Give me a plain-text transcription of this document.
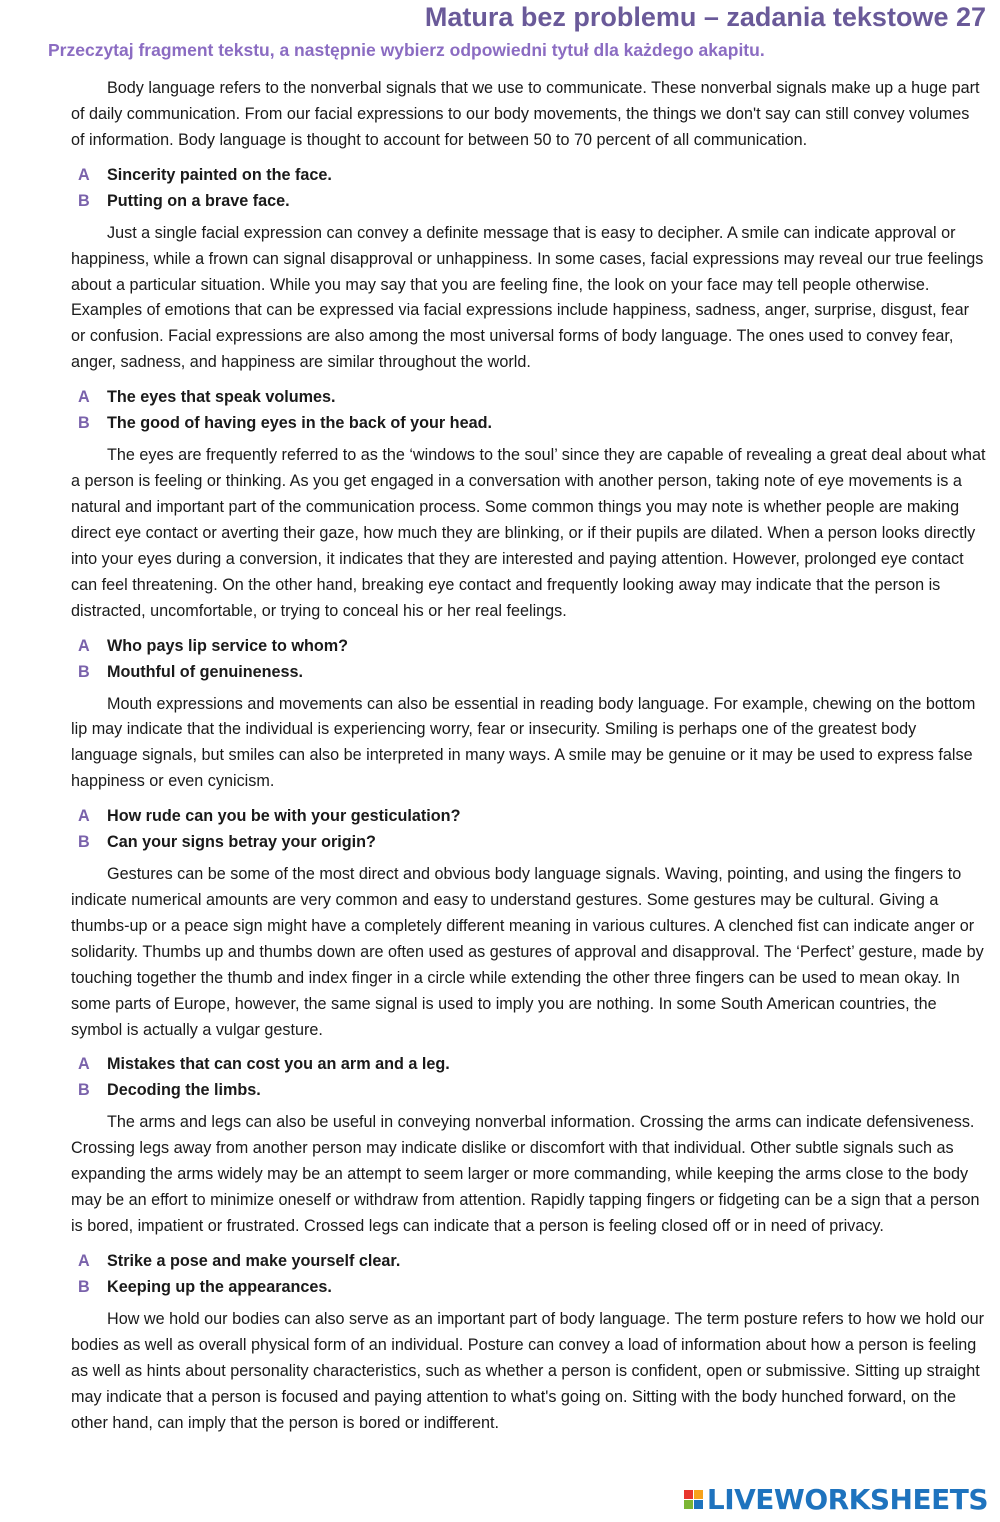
Matura bez problemu – zadania tekstowe 27
Przeczytaj fragment tekstu, a następnie wybierz odpowiedni tytuł dla każdego akapitu.

Body language refers to the nonverbal signals that we use to communicate. These nonverbal signals make up a huge part of daily communication. From our facial expressions to our body movements, the things we don't say can still convey volumes of information. Body language is thought to account for between 50 to 70 percent of all communication.

A	Sincerity painted on the face.
B	Putting on a brave face.

Just a single facial expression can convey a definite message that is easy to decipher. A smile can indicate approval or happiness, while a frown can signal disapproval or unhappiness. In some cases, facial expressions may reveal our true feelings about a particular situation. While you may say that you are feeling fine, the look on your face may tell people otherwise. Examples of emotions that can be expressed via facial expressions include happiness, sadness, anger, surprise, disgust, fear or confusion. Facial expressions are also among the most universal forms of body language. The ones used to convey fear, anger, sadness, and happiness are similar throughout the world.

A	The eyes that speak volumes.
B	The good of having eyes in the back of your head.

The eyes are frequently referred to as the ‘windows to the soul’ since they are capable of revealing a great deal about what a person is feeling or thinking. As you get engaged in a conversation with another person, taking note of eye movements is a natural and important part of the communication process. Some common things you may note is whether people are making direct eye contact or averting their gaze, how much they are blinking, or if their pupils are dilated. When a person looks directly into your eyes during a conversion, it indicates that they are interested and paying attention. However, prolonged eye contact can feel threatening. On the other hand, breaking eye contact and frequently looking away may indicate that the person is distracted, uncomfortable, or trying to conceal his or her real feelings.

A	Who pays lip service to whom?
B	Mouthful of genuineness.

Mouth expressions and movements can also be essential in reading body language. For example, chewing on the bottom lip may indicate that the individual is experiencing worry, fear or insecurity. Smiling is perhaps one of the greatest body language signals, but smiles can also be interpreted in many ways. A smile may be genuine or it may be used to express false happiness or even cynicism.

A	How rude can you be with your gesticulation?
B	Can your signs betray your origin?

Gestures can be some of the most direct and obvious body language signals. Waving, pointing, and using the fingers to indicate numerical amounts are very common and easy to understand gestures. Some gestures may be cultural. Giving a thumbs-up or a peace sign might have a completely different meaning in various cultures. A clenched fist can indicate anger or solidarity. Thumbs up and thumbs down are often used as gestures of approval and disapproval. The ‘Perfect’ gesture, made by touching together the thumb and index finger in a circle while extending the other three fingers can be used to mean okay. In some parts of Europe, however, the same signal is used to imply you are nothing. In some South American countries, the symbol is actually a vulgar gesture.

A	Mistakes that can cost you an arm and a leg.
B	Decoding the limbs.

The arms and legs can also be useful in conveying nonverbal information. Crossing the arms can indicate defensiveness. Crossing legs away from another person may indicate dislike or discomfort with that individual. Other subtle signals such as expanding the arms widely may be an attempt to seem larger or more commanding, while keeping the arms close to the body may be an effort to minimize oneself or withdraw from attention. Rapidly tapping fingers or fidgeting can be a sign that a person is bored, impatient or frustrated. Crossed legs can indicate that a person is feeling closed off or in need of privacy.

A	Strike a pose and make yourself clear.
B	Keeping up the appearances.

How we hold our bodies can also serve as an important part of body language. The term posture refers to how we hold our bodies as well as overall physical form of an individual. Posture can convey a load of information about how a person is feeling as well as hints about personality characteristics, such as whether a person is confident, open or submissive. Sitting up straight may indicate that a person is focused and paying attention to what's going on. Sitting with the body hunched forward, on the other hand, can imply that the person is bored or indifferent.

LIVEWORKSHEETS
